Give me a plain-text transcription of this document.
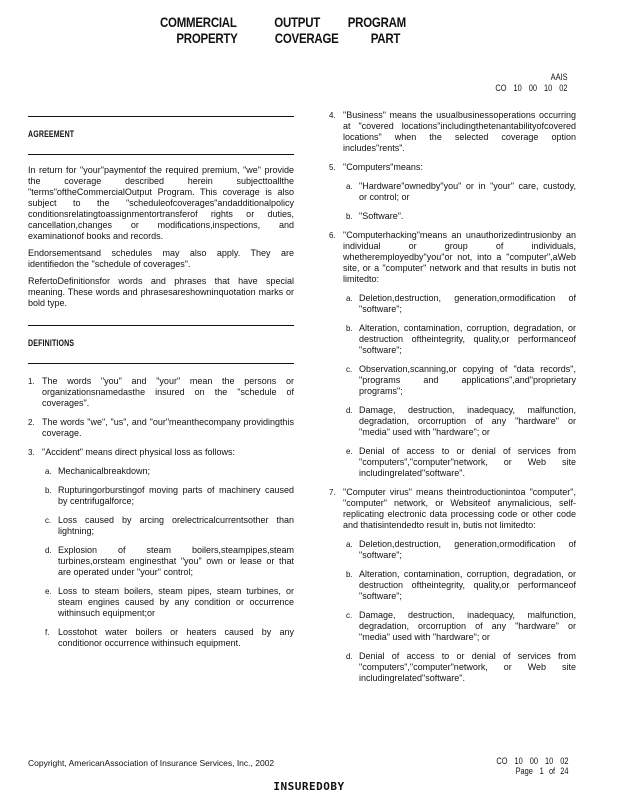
COMMERCIAL	OUTPUT	PROGRAM
PROPERTY	COVERAGE	PART
AAIS
CO 10 00 10 02
AGREEMENT

In return for "your"paymentof the required premium, "we" provide the coverage described herein subjecttoallthe "terms"oftheCommercialOutput Program. This coverage is also subject to the "scheduleofcoverages"andadditionalpolicy conditionsrelatingtoassignmentortransferof rights or duties, cancellation,changes or modifications,inspections, and examinationof books and records.

Endorsementsand schedules may also apply. They are identifiedon the "schedule of coverages".

RefertoDefinitionsfor words and phrases that have special meaning. These words and phrasesareshowninquotation marks or bold type.

DEFINITIONS
1. The words "you" and "your" mean the persons or organizationsnamedasthe insured on the "schedule of coverages".
2. The words "we", "us", and "our"meanthecompany providingthis coverage.
3. "Accident" means direct physical loss as follows:
a. Mechanicalbreakdown;
b. Rupturingorburstingof moving parts of machinery caused by centrifugalforce;
c. Loss caused by arcing orelectricalcurrentsother than lightning;
d. Explosion of steam boilers,steampipes,steam turbines,orsteam enginesthat "you" own or lease or that are operated under "your" control;
e. Loss to steam boilers, steam pipes, steam turbines, or steam engines caused by any condition or occurrence withinsuch equipment;or
f. Losstohot water boilers or heaters caused by any conditionor occurrence withinsuch equipment.
4. "Business" means the usualbusinessoperations occurring at "covered locations"includingthetenantabilityofcovered locations" when the selected coverage option includes"rents".
5. "Computers"means:
a. "Hardware"ownedby"you" or in "your" care, custody, or control; or
b. "Software".
6. "Computerhacking"means an unauthorizedintrusionby an individual or group of individuals, whetheremployedby"you"or not, into a "computer",aWeb site, or a "computer" network and that results in butis not limitedto:
a. Deletion,destruction, generation,ormodification of "software";
b. Alteration, contamination, corruption, degradation, or destruction oftheintegrity, quality,or performanceof "software";
c. Observation,scanning,or copying of "data records", "programs and applications",and"proprietary programs";
d. Damage, destruction, inadequacy, malfunction, degradation, orcorruption of any "hardware" or "media" used with "hardware"; or
e. Denial of access to or denial of services from "computers","computer"network, or Web site includingrelated"software".
7. "Computer virus" means theintroductionintoa "computer", "computer" network, or Websiteof anymalicious, self-replicating electronic data processing code or other code and thatisintendedto result in, butis not limitedto:
a. Deletion,destruction, generation,ormodification of "software";
b. Alteration, contamination, corruption, degradation, or destruction oftheintegrity, quality,or performanceof "software";
c. Damage, destruction, inadequacy, malfunction, degradation, orcorruption of any "hardware" or "media" used with "hardware"; or
d. Denial of access to or denial of services from "computers","computer"network, or Web site includingrelated"software".
Copyright, AmericanAssociation of Insurance Services, Inc., 2002	CO 10 00 10 02
Page 1 of 24
INSUREDOBY
